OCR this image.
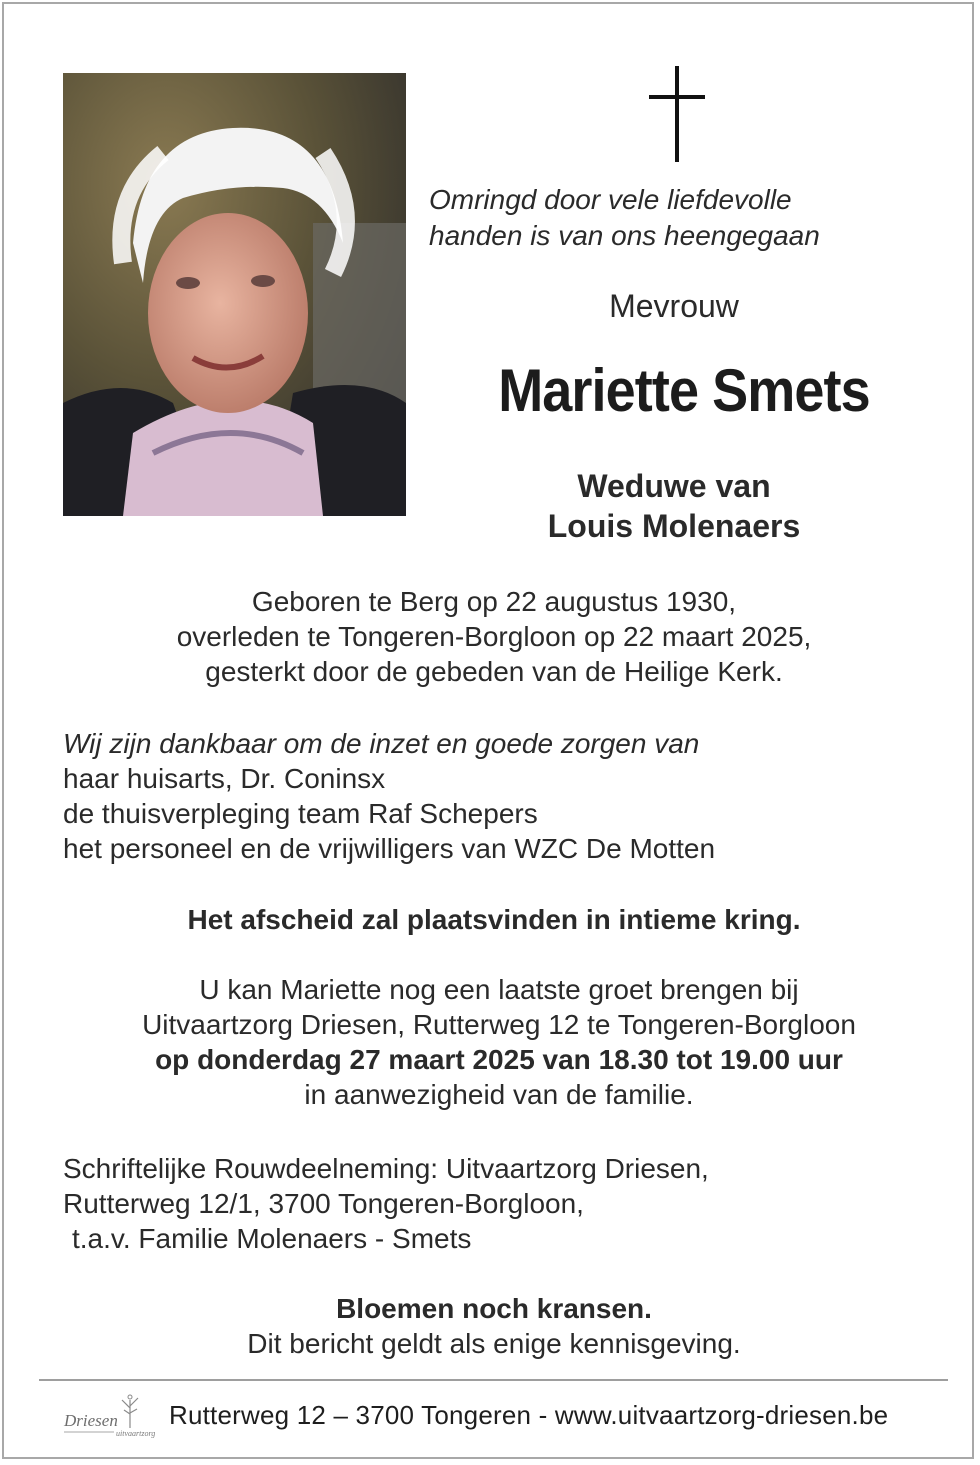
Omringd door vele liefdevolle
handen is van ons heengegaan
Mevrouw
Mariette Smets
Weduwe van
Louis Molenaers
Geboren te Berg op 22 augustus 1930,
overleden te Tongeren-Borgloon op 22 maart 2025,
gesterkt door de gebeden van de Heilige Kerk.
Wij zijn dankbaar om de inzet en goede zorgen van
haar huisarts, Dr. Coninsx
de thuisverpleging team Raf Schepers
het personeel en de vrijwilligers van WZC De Motten
Het afscheid zal plaatsvinden in intieme kring.
U kan Mariette nog een laatste groet brengen bij
Uitvaartzorg Driesen, Rutterweg 12 te Tongeren-Borgloon
op donderdag 27 maart 2025 van 18.30 tot 19.00 uur
in aanwezigheid van de familie.
Schriftelijke Rouwdeelneming: Uitvaartzorg Driesen,
Rutterweg 12/1, 3700 Tongeren-Borgloon,
t.a.v. Familie Molenaers - Smets
Bloemen noch kransen.
Dit bericht geldt als enige kennisgeving.
Driesen
uitvaartzorg
Rutterweg 12 – 3700 Tongeren - www.uitvaartzorg-driesen.be
